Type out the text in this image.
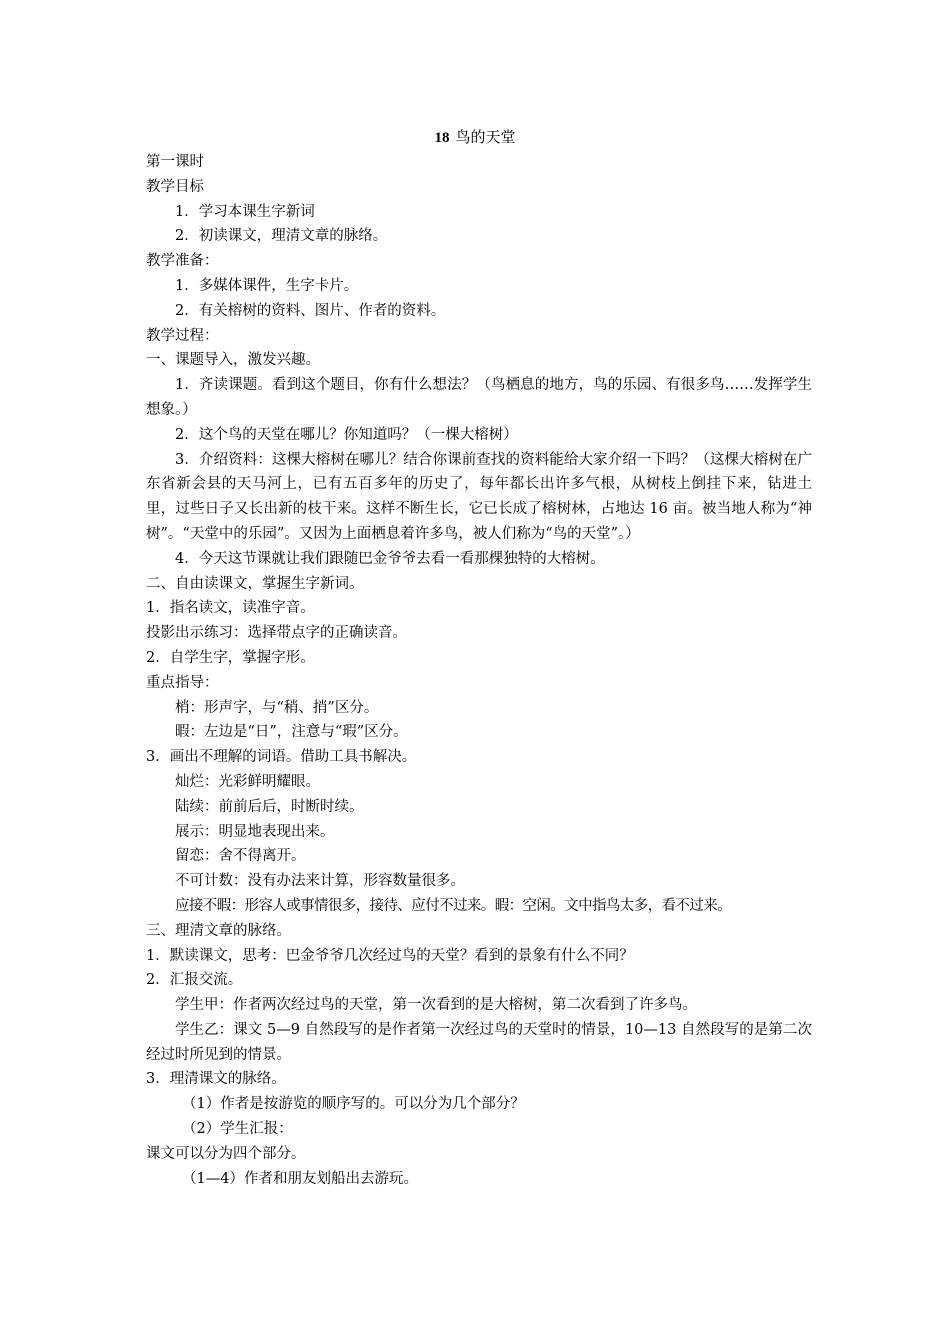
18 鸟的天堂

第一课时

教学目标

1．学习本课生字新词

2．初读课文，理清文章的脉络。

教学准备：

1．多媒体课件，生字卡片。

2．有关榕树的资料、图片、作者的资料。

教学过程：

一、课题导入，激发兴趣。

1．齐读课题。看到这个题目，你有什么想法？（鸟栖息的地方，鸟的乐园、有很多鸟……发挥学生想象。）

2．这个鸟的天堂在哪儿？你知道吗？（一棵大榕树）

3．介绍资料：这棵大榕树在哪儿？结合你课前查找的资料能给大家介绍一下吗？（这棵大榕树在广东省新会县的天马河上，已有五百多年的历史了，每年都长出许多气根，从树枝上倒挂下来，钻进土里，过些日子又长出新的枝干来。这样不断生长，它已长成了榕树林，占地达 16 亩。被当地人称为“神树”。“天堂中的乐园”。又因为上面栖息着许多鸟，被人们称为“鸟的天堂”。）

4．今天这节课就让我们跟随巴金爷爷去看一看那棵独特的大榕树。

二、自由读课文，掌握生字新词。

1．指名读文，读准字音。

投影出示练习：选择带点字的正确读音。

2．自学生字，掌握字形。

重点指导：

梢：形声字，与“稍、捎”区分。

暇：左边是“日”，注意与“瑕”区分。

3．画出不理解的词语。借助工具书解决。

灿烂：光彩鲜明耀眼。

陆续：前前后后，时断时续。

展示：明显地表现出来。

留恋：舍不得离开。

不可计数：没有办法来计算，形容数量很多。

应接不暇：形容人或事情很多，接待、应付不过来。暇：空闲。文中指鸟太多，看不过来。

三、理清文章的脉络。

1．默读课文，思考：巴金爷爷几次经过鸟的天堂？看到的景象有什么不同？

2．汇报交流。

学生甲：作者两次经过鸟的天堂，第一次看到的是大榕树，第二次看到了许多鸟。

学生乙：课文 5—9 自然段写的是作者第一次经过鸟的天堂时的情景，10—13 自然段写的是第二次经过时所见到的情景。

3．理清课文的脉络。

（1）作者是按游览的顺序写的。可以分为几个部分？

（2）学生汇报：

课文可以分为四个部分。

（1—4）作者和朋友划船出去游玩。
